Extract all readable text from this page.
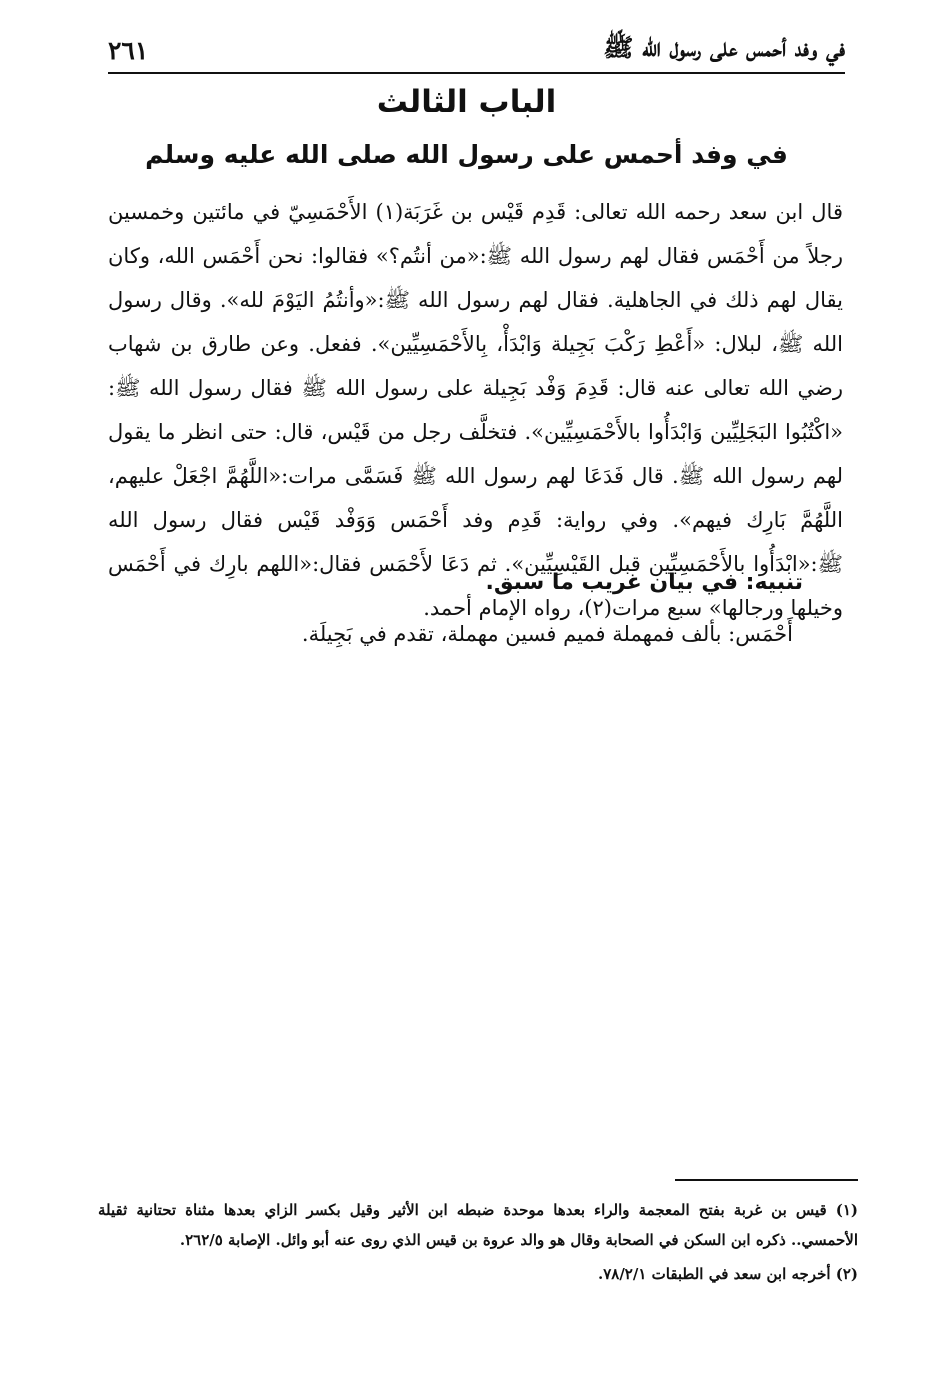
في وفد أحمس على رسول الله ﷺ
٢٦١
الباب الثالث
في وفد أحمس على رسول الله صلى الله عليه وسلم
قال ابن سعد رحمه الله تعالى: قَدِم قَيْس بن غَرَبَة(١) الأَحْمَسِيّ في مائتين وخمسين رجلاً من أَحْمَس فقال لهم رسول الله ﷺ:«من أنتُم؟» فقالوا: نحن أَحْمَس الله، وكان يقال لهم ذلك في الجاهلية. فقال لهم رسول الله ﷺ:«وأنتُمُ اليَوْمَ لله». وقال رسول الله ﷺ، لبلال: «أَعْطِ رَكْبَ بَجِيلة وَابْدَأْ، بِالأَحْمَسِيِّين». ففعل. وعن طارق بن شهاب رضي الله تعالى عنه قال: قَدِمَ وَفْد بَجِيلة على رسول الله ﷺ فقال رسول الله ﷺ: «اكْتُبُوا البَجَلِيِّين وَابْدَأُوا بالأَحْمَسِيِّين». فتخلَّف رجل من قَيْس، قال: حتى انظر ما يقول لهم رسول الله ﷺ. قال فَدَعَا لهم رسول الله ﷺ فَسَمَّى مرات:«اللَّهُمَّ اجْعَلْ عليهم، اللَّهُمَّ بَارِك فيهم». وفي رواية: قَدِم وفد أَحْمَس وَوَفْد قَيْس فقال رسول الله ﷺ:«ابْدَأُوا بالأَحْمَسِيِّين قبل القَيْسِيِّين». ثم دَعَا لأَحْمَس فقال:«اللهم بارِك في أَحْمَس وخيلها ورجالها» سبع مرات(٢)، رواه الإمام أحمد.
تنبيه: في بيان غريب ما سبق.
أَحْمَس: بألف فمهملة فميم فسين مهملة، تقدم في بَجِيلَة.

(١) قيس بن غربة بفتح المعجمة والراء بعدها موحدة ضبطه ابن الأثير وقيل بكسر الزاي بعدها مثناة تحتانية ثقيلة الأحمسي.. ذكره ابن السكن في الصحابة وقال هو والد عروة بن قيس الذي روى عنه أبو وائل. الإصابة ٢٦٢/٥.

(٢) أخرجه ابن سعد في الطبقات ٧٨/٢/١.
